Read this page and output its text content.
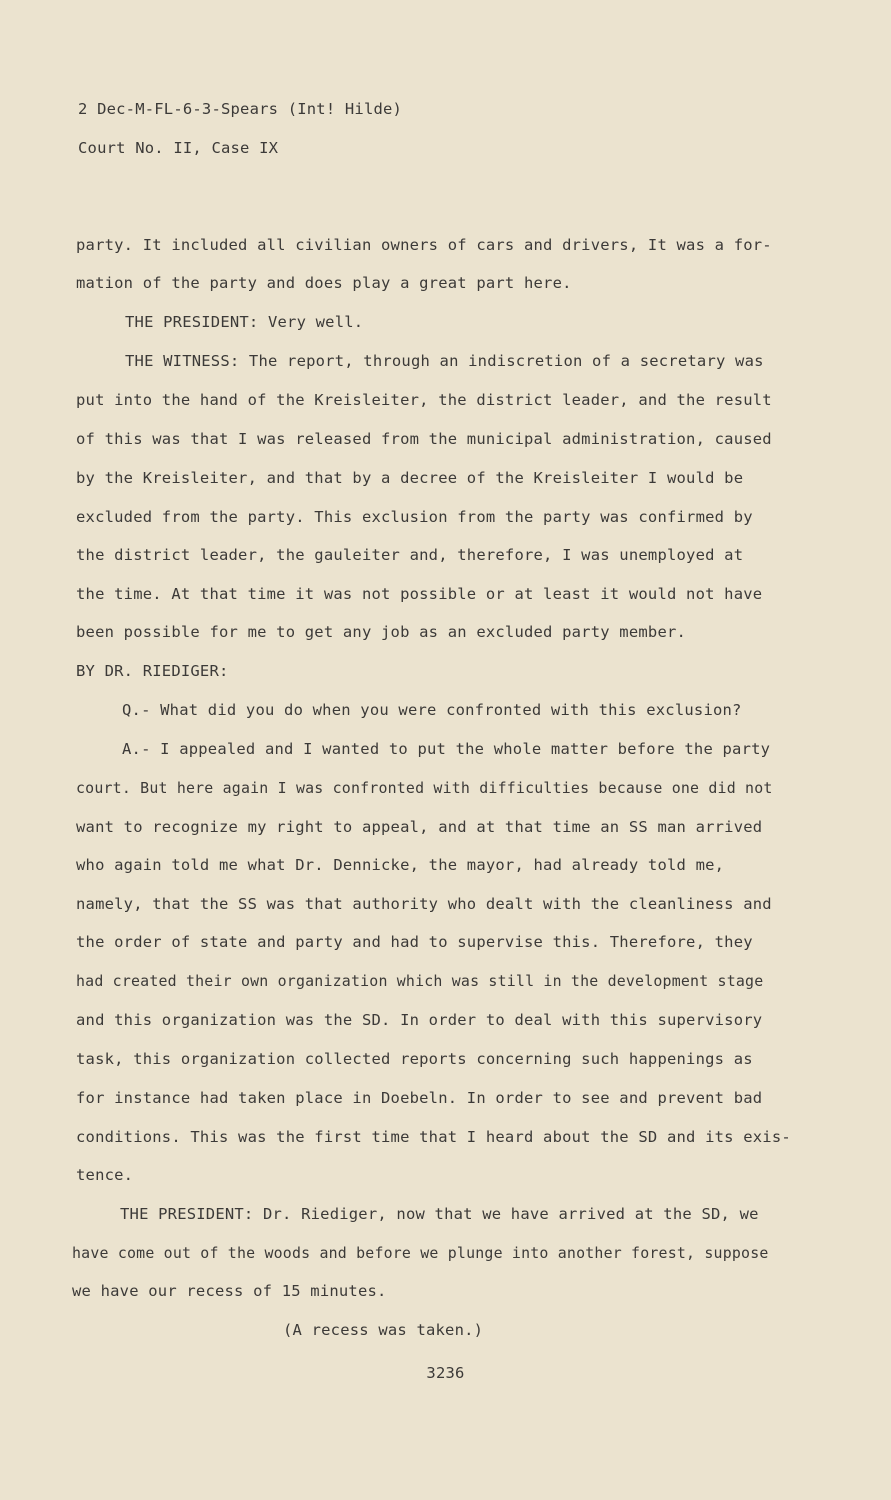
2 Dec-M-FL-6-3-Spears (Int! Hilde)
Court No. II, Case IX
party. It included all civilian owners of cars and drivers, It was a for-
mation of the party and does play a great part here.
THE PRESIDENT: Very well.
THE WITNESS: The report, through an indiscretion of a secretary was
put into the hand of the Kreisleiter, the district leader, and the result
of this was that I was released from the municipal administration, caused
by the Kreisleiter, and that by a decree of the Kreisleiter I would be
excluded from the party. This exclusion from the party was confirmed by
the district leader, the gauleiter and, therefore, I was unemployed at
the time. At that time it was not possible or at least it would not have
been possible for me to get any job as an excluded party member.
BY DR. RIEDIGER:
Q.- What did you do when you were confronted with this exclusion?
A.- I appealed and I wanted to put the whole matter before the party
court. But here again I was confronted with difficulties because one did not
want to recognize my right to appeal, and at that time an SS man arrived
who again told me what Dr. Dennicke, the mayor, had already told me,
namely, that the SS was that authority who dealt with the cleanliness and
the order of state and party and had to supervise this. Therefore, they
had created their own organization which was still in the development stage
and this organization was the SD. In order to deal with this supervisory
task, this organization collected reports concerning such happenings as
for instance had taken place in Doebeln. In order to see and prevent bad
conditions. This was the first time that I heard about the SD and its exis-
tence.
THE PRESIDENT: Dr. Riediger, now that we have arrived at the SD, we
have come out of the woods and before we plunge into another forest, suppose
we have our recess of 15 minutes.
(A recess was taken.)
3236
